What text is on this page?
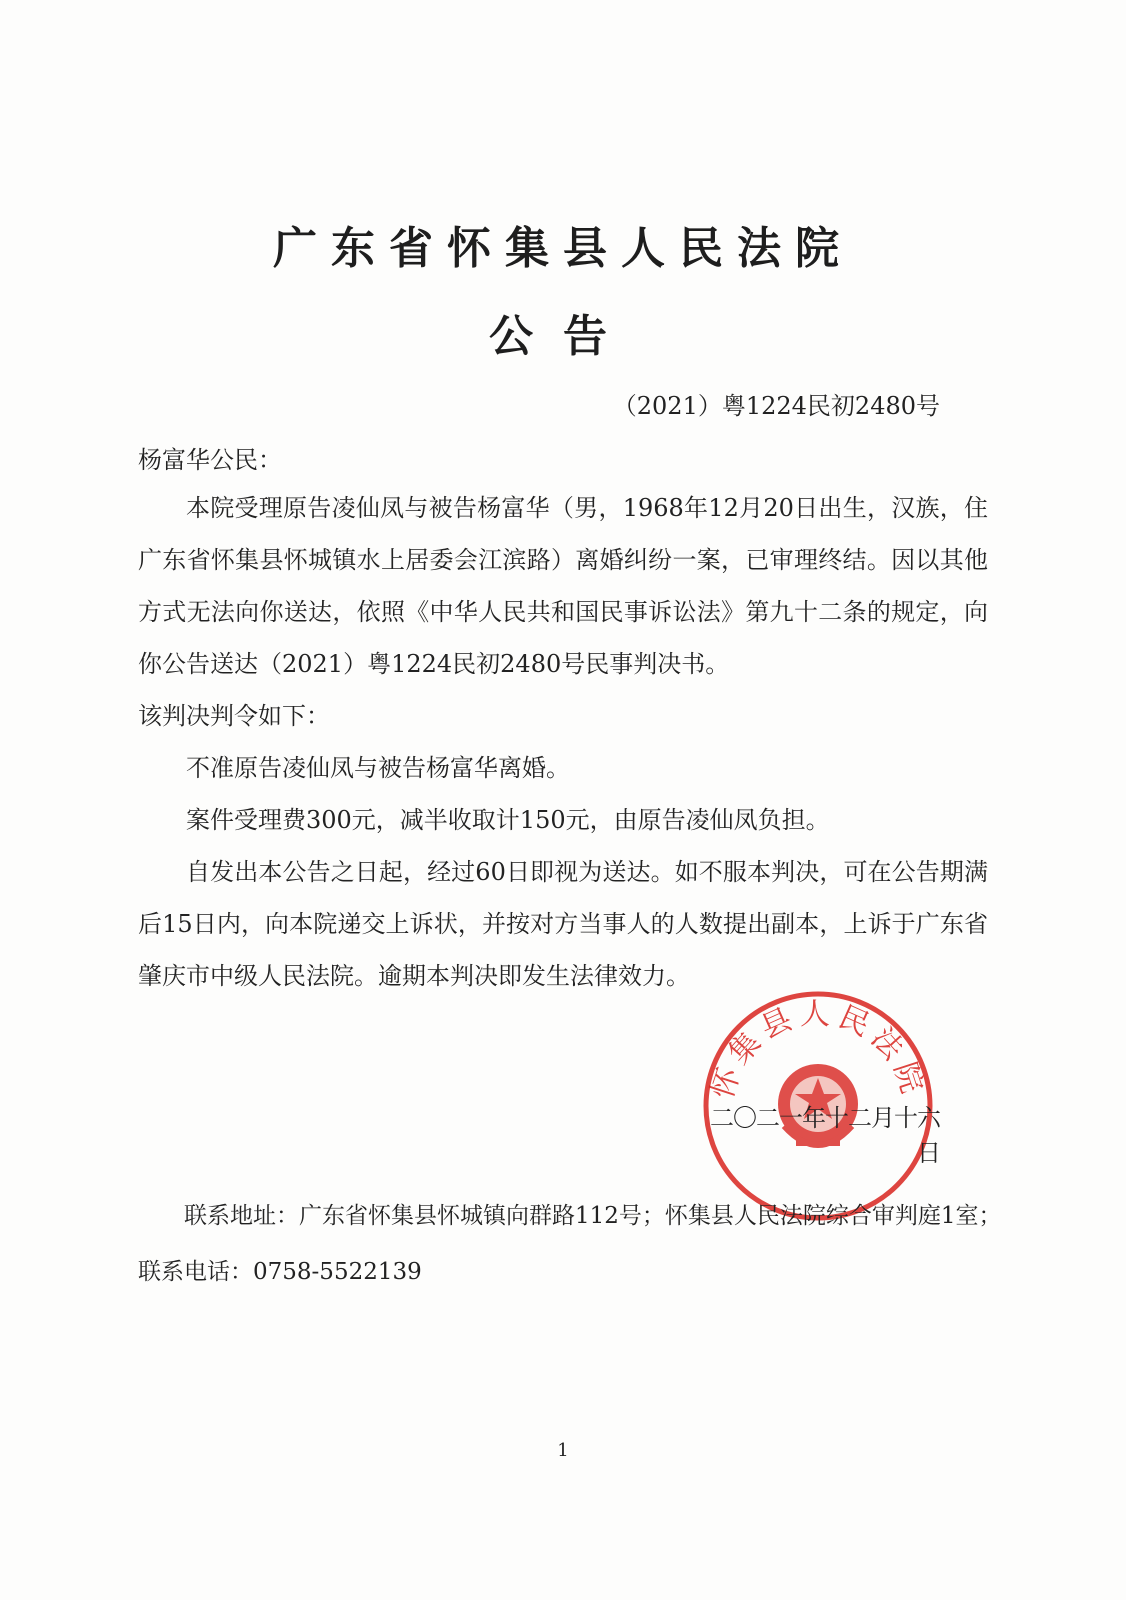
广东省怀集县人民法院
公告
（2021）粤1224民初2480号
杨富华公民：

本院受理原告凌仙凤与被告杨富华（男，1968年12月20日出生，汉族，住广东省怀集县怀城镇水上居委会江滨路）离婚纠纷一案，已审理终结。因以其他方式无法向你送达，依照《中华人民共和国民事诉讼法》第九十二条的规定，向你公告送达（2021）粤1224民初2480号民事判决书。
该判决判令如下：

不准原告凌仙凤与被告杨富华离婚。

案件受理费300元，减半收取计150元，由原告凌仙凤负担。

自发出本公告之日起，经过60日即视为送达。如不服本判决，可在公告期满后15日内，向本院递交上诉状，并按对方当事人的人数提出副本，上诉于广东省肇庆市中级人民法院。逾期本判决即发生法律效力。

怀集县人民法院
二〇二一年十二月十六日
联系地址：广东省怀集县怀城镇向群路112号；怀集县人民法院综合审判庭1室；
联系电话：0758-5522139
1
